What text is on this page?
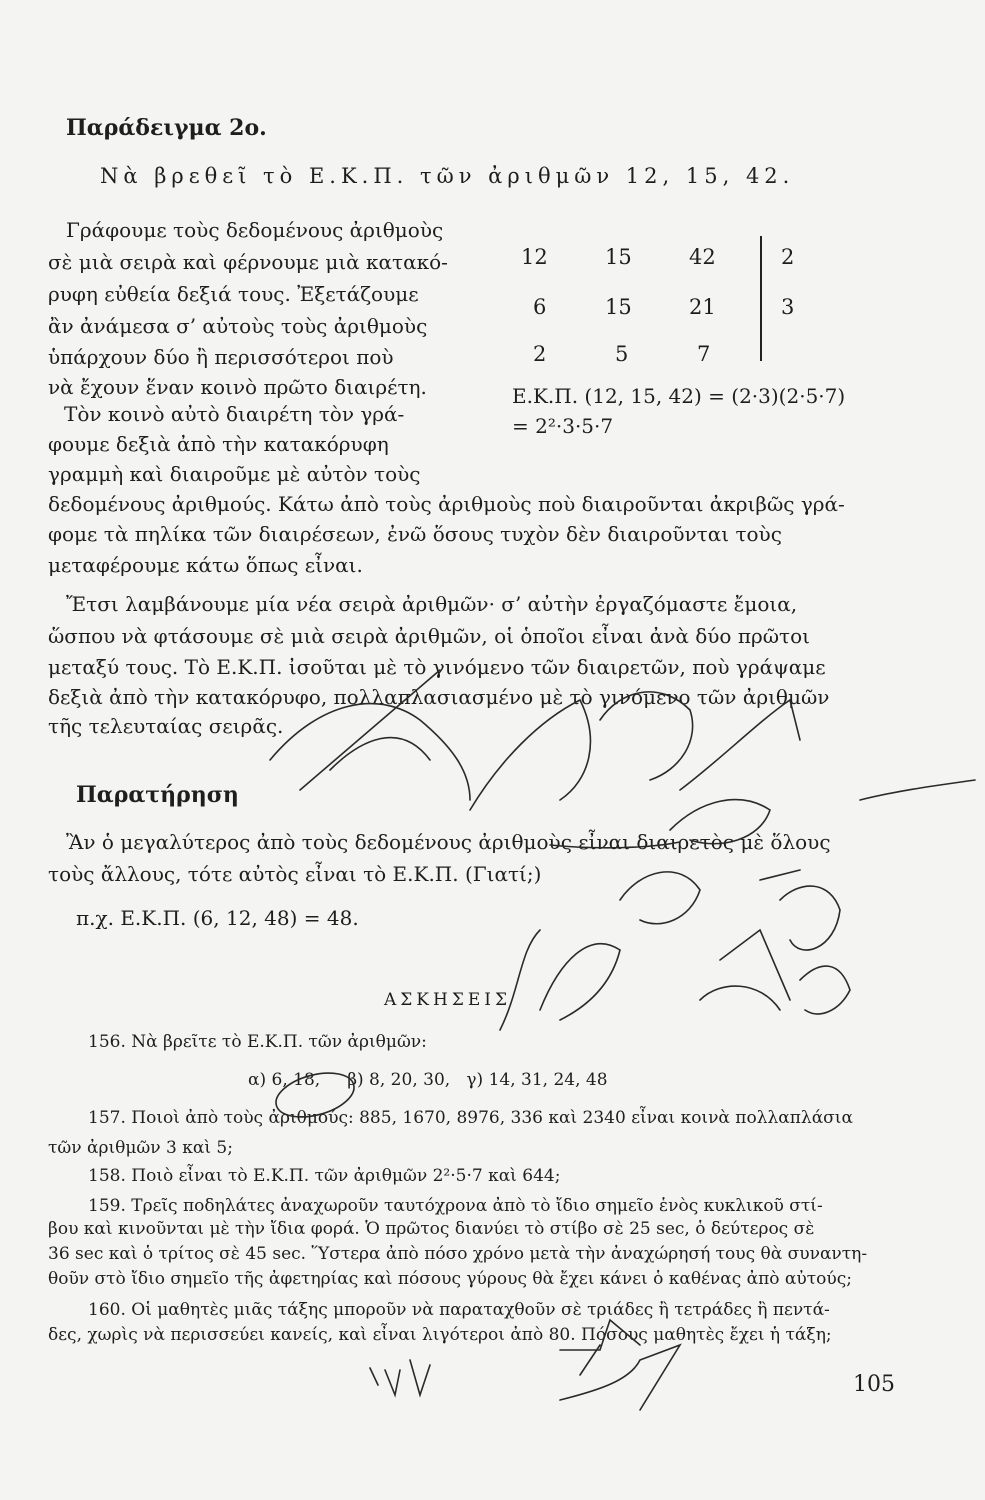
Παράδειγμα 2ο.
Νὰ βρεθεῖ τὸ Ε.Κ.Π. τῶν ἀριθμῶν 12, 15, 42.
Γράφουμε τοὺς δεδομένους ἀριθμοὺς
σὲ μιὰ σειρὰ καὶ φέρνουμε μιὰ κατακό-
ρυφη εὐθεία δεξιά τους. Ἐξετάζουμε
ἂν ἀνάμεσα σ’ αὐτοὺς τοὺς ἀριθμοὺς
ὑπάρχουν δύο ἢ περισσότεροι ποὺ
νὰ ἔχουν ἕναν κοινὸ πρῶτο διαιρέτη.
Τὸν κοινὸ αὐτὸ διαιρέτη τὸν γρά-
φουμε δεξιὰ ἀπὸ τὴν κατακόρυφη
γραμμὴ καὶ διαιροῦμε μὲ αὐτὸν τοὺς
12	15	42	2
6	15	21	3
2	5	7
Ε.Κ.Π. (12, 15, 42) = (2·3)(2·5·7)
= 2²·3·5·7
δεδομένους ἀριθμούς. Κάτω ἀπὸ τοὺς ἀριθμοὺς ποὺ διαιροῦνται ἀκριβῶς γρά-
φομε τὰ πηλίκα τῶν διαιρέσεων, ἐνῶ ὅσους τυχὸν δὲν διαιροῦνται τοὺς
μεταφέρουμε κάτω ὅπως εἶναι.
Ἔτσι λαμβάνουμε μία νέα σειρὰ ἀριθμῶν· σ’ αὐτὴν ἐργαζόμαστε ἔμοια,
ὥσπου νὰ φτάσουμε σὲ μιὰ σειρὰ ἀριθμῶν, οἱ ὁποῖοι εἶναι ἀνὰ δύο πρῶτοι
μεταξύ τους. Τὸ Ε.Κ.Π. ἰσοῦται μὲ τὸ γινόμενο τῶν διαιρετῶν, ποὺ γράψαμε
δεξιὰ ἀπὸ τὴν κατακόρυφο, πολλαπλασιασμένο μὲ τὸ γινόμενο τῶν ἀριθμῶν
τῆς τελευταίας σειρᾶς.
Παρατήρηση
Ἂν ὁ μεγαλύτερος ἀπὸ τοὺς δεδομένους ἀριθμοὺς εἶναι διαιρετὸς μὲ ὅλους
τοὺς ἄλλους, τότε αὐτὸς εἶναι τὸ Ε.Κ.Π. (Γιατί;)
π.χ. Ε.Κ.Π. (6, 12, 48) = 48.
ΑΣΚΗΣΕΙΣ
156. Νὰ βρεῖτε τὸ Ε.Κ.Π. τῶν ἀριθμῶν:
α) 6, 18,     β) 8, 20, 30,   γ) 14, 31, 24, 48
157. Ποιοὶ ἀπὸ τοὺς ἀριθμούς: 885, 1670, 8976, 336 καὶ 2340 εἶναι κοινὰ πολλαπλάσια
τῶν ἀριθμῶν 3 καὶ 5;
158. Ποιὸ εἶναι τὸ Ε.Κ.Π. τῶν ἀριθμῶν 2²·5·7 καὶ 644;
159. Τρεῖς ποδηλάτες ἀναχωροῦν ταυτόχρονα ἀπὸ τὸ ἴδιο σημεῖο ἑνὸς κυκλικοῦ στί-
βου καὶ κινοῦνται μὲ τὴν ἴδια φορά. Ὁ πρῶτος διανύει τὸ στίβο σὲ 25 sec, ὁ δεύτερος σὲ
36 sec καὶ ὁ τρίτος σὲ 45 sec. Ὕστερα ἀπὸ πόσο χρόνο μετὰ τὴν ἀναχώρησή τους θὰ συναντη-
θοῦν στὸ ἴδιο σημεῖο τῆς ἀφετηρίας καὶ πόσους γύρους θὰ ἔχει κάνει ὁ καθένας ἀπὸ αὐτούς;
160. Οἱ μαθητὲς μιᾶς τάξης μποροῦν νὰ παραταχθοῦν σὲ τριάδες ἢ τετράδες ἢ πεντά-
δες, χωρὶς νὰ περισσεύει κανείς, καὶ εἶναι λιγότεροι ἀπὸ 80. Πόσους μαθητὲς ἔχει ἡ τάξη;
105
